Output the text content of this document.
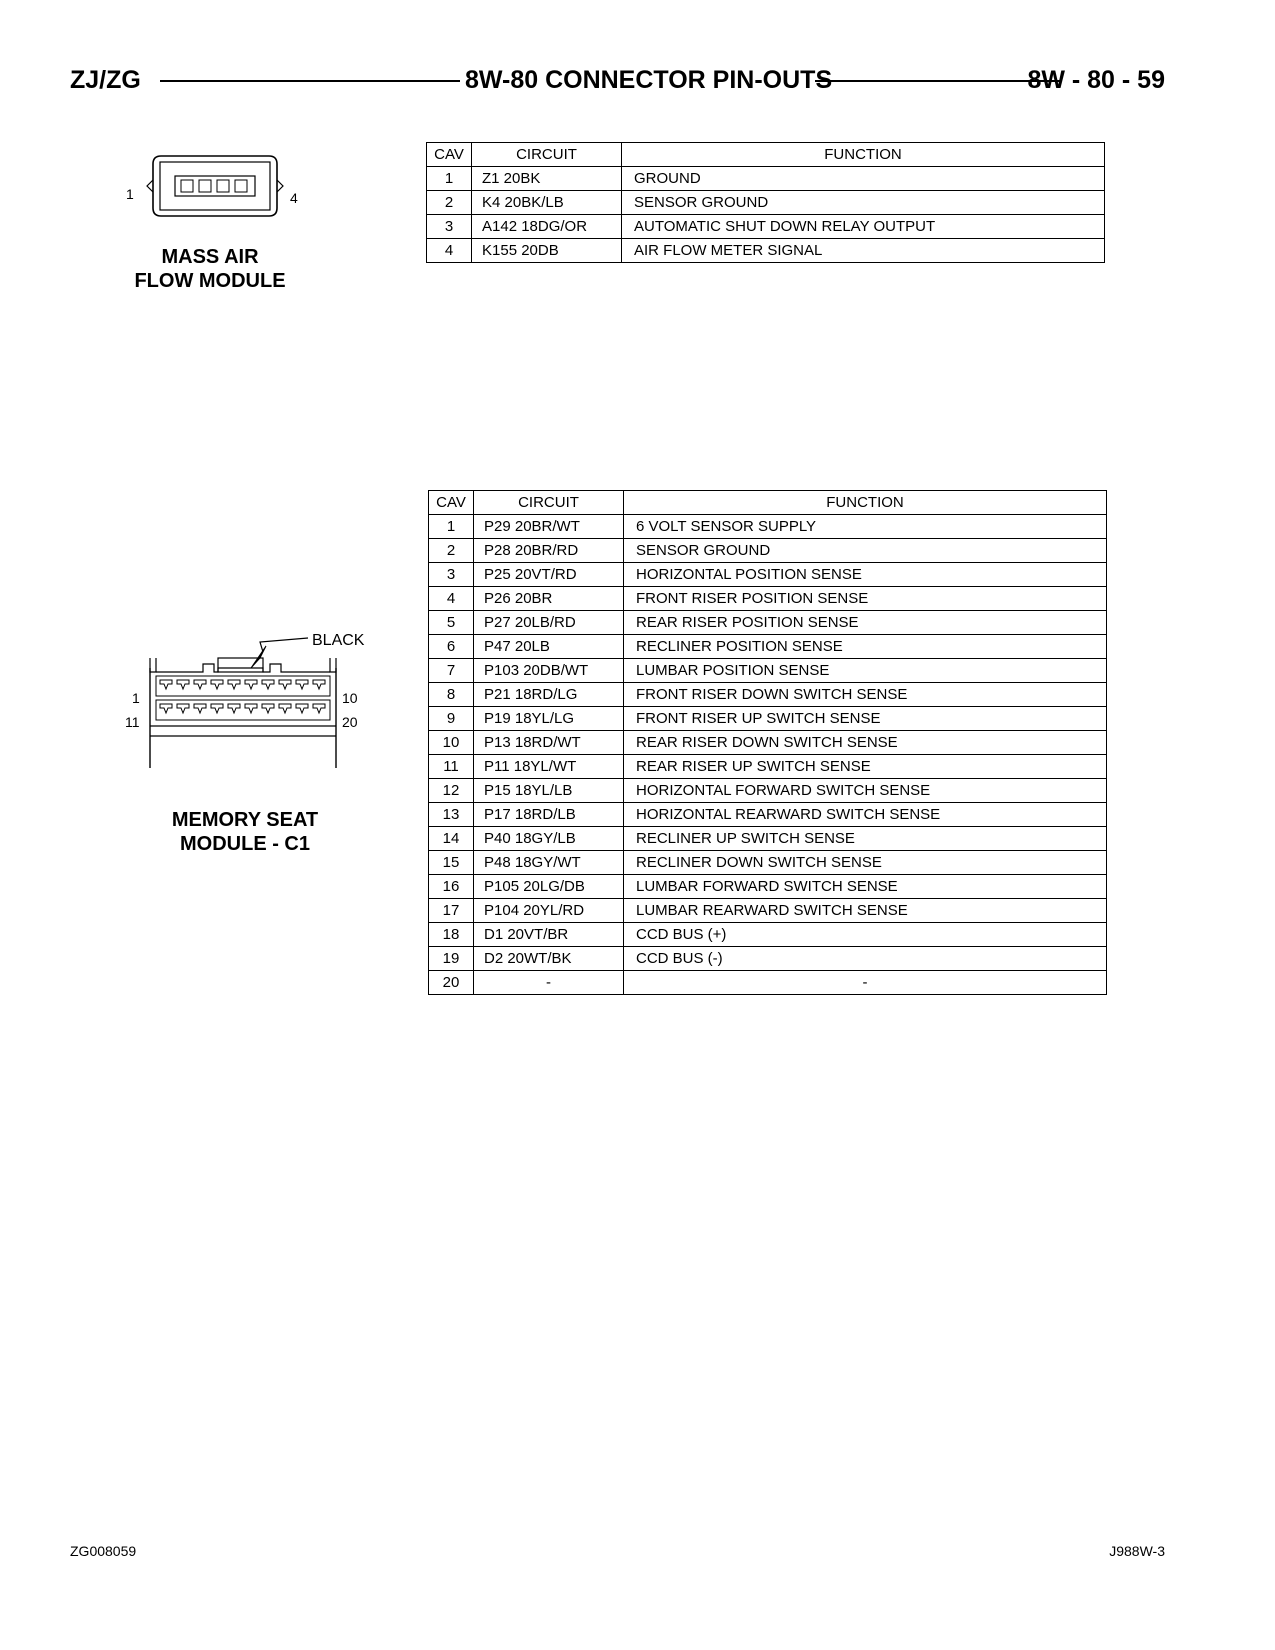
ZJ/ZG	8W-80 CONNECTOR PIN-OUTS	8W - 80 - 59
1	4
MASS AIR
FLOW MODULE
CAV	CIRCUIT	FUNCTION
1	Z1 20BK	GROUND
2	K4 20BK/LB	SENSOR GROUND
3	A142 18DG/OR	AUTOMATIC SHUT DOWN RELAY OUTPUT
4	K155 20DB	AIR FLOW METER SIGNAL
BLACK
1	10
11	20
MEMORY SEAT
MODULE - C1
CAV	CIRCUIT	FUNCTION
1	P29 20BR/WT	6 VOLT SENSOR SUPPLY
2	P28 20BR/RD	SENSOR GROUND
3	P25 20VT/RD	HORIZONTAL POSITION SENSE
4	P26 20BR	FRONT RISER POSITION SENSE
5	P27 20LB/RD	REAR RISER POSITION SENSE
6	P47 20LB	RECLINER POSITION SENSE
7	P103 20DB/WT	LUMBAR POSITION SENSE
8	P21 18RD/LG	FRONT RISER DOWN SWITCH SENSE
9	P19 18YL/LG	FRONT RISER UP SWITCH SENSE
10	P13 18RD/WT	REAR RISER DOWN SWITCH SENSE
11	P11 18YL/WT	REAR RISER UP SWITCH SENSE
12	P15 18YL/LB	HORIZONTAL FORWARD SWITCH SENSE
13	P17 18RD/LB	HORIZONTAL REARWARD SWITCH SENSE
14	P40 18GY/LB	RECLINER UP SWITCH SENSE
15	P48 18GY/WT	RECLINER DOWN SWITCH SENSE
16	P105 20LG/DB	LUMBAR FORWARD SWITCH SENSE
17	P104 20YL/RD	LUMBAR REARWARD SWITCH SENSE
18	D1 20VT/BR	CCD BUS (+)
19	D2 20WT/BK	CCD BUS (-)
20	-	-
ZG008059	J988W-3
